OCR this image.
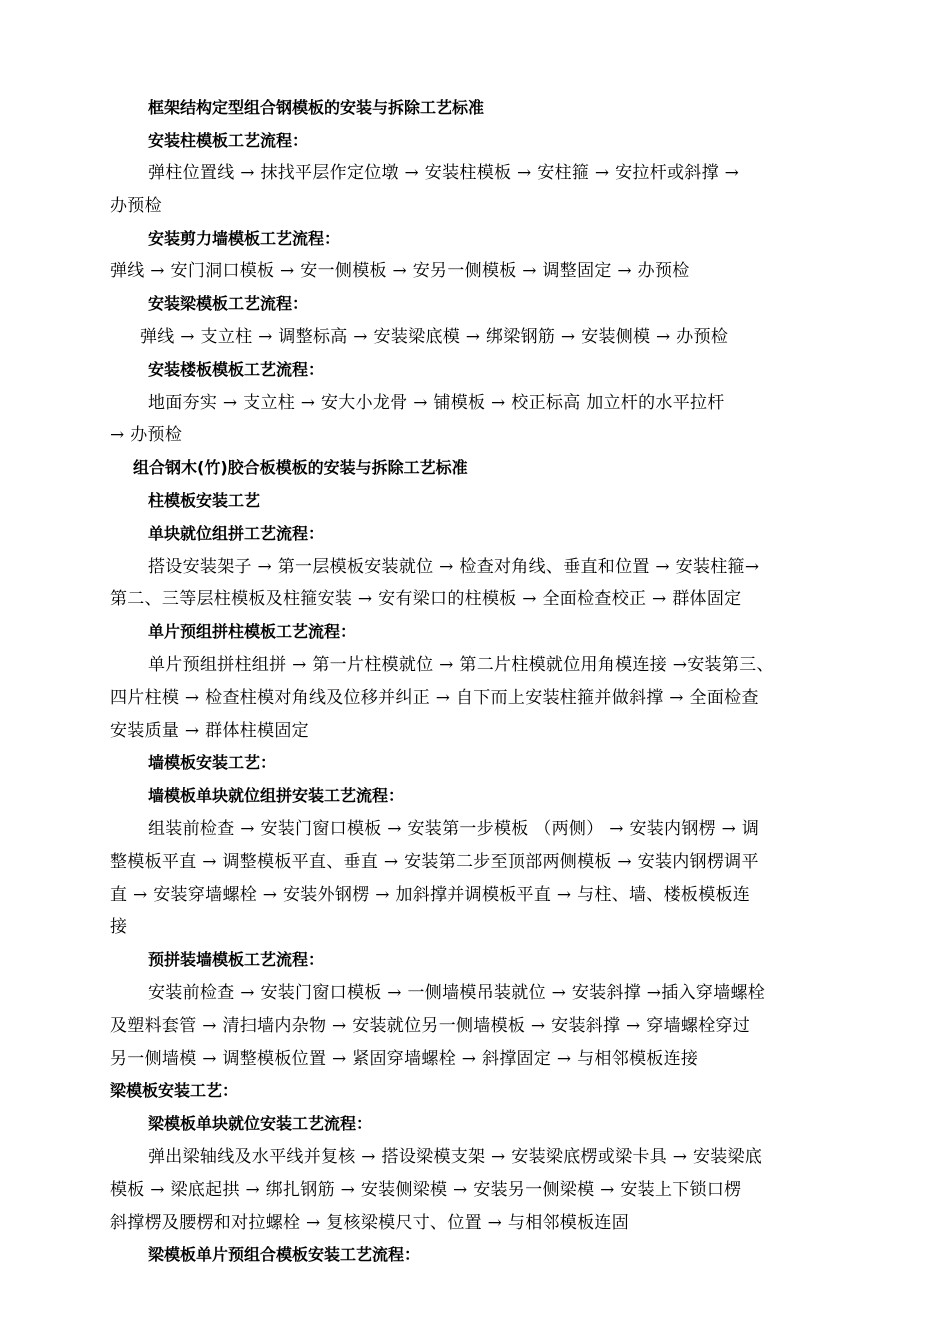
框架结构定型组合钢模板的安装与拆除工艺标准
安装柱模板工艺流程：
弹柱位置线 → 抹找平层作定位墩 → 安装柱模板 → 安柱箍 → 安拉杆或斜撑 →
办预检
安装剪力墙模板工艺流程：
弹线 → 安门洞口模板 → 安一侧模板 → 安另一侧模板 → 调整固定 → 办预检
安装梁模板工艺流程：
弹线 → 支立柱 → 调整标高 → 安装梁底模 → 绑梁钢筋 → 安装侧模 → 办预检
安装楼板模板工艺流程：
地面夯实 → 支立柱 → 安大小龙骨 → 铺模板 → 校正标高 加立杆的水平拉杆
→ 办预检
组合钢木(竹)胶合板模板的安装与拆除工艺标准
柱模板安装工艺
单块就位组拼工艺流程：
搭设安装架子 → 第一层模板安装就位 → 检查对角线、垂直和位置 → 安装柱箍→
第二、三等层柱模板及柱箍安装 → 安有梁口的柱模板 → 全面检查校正 → 群体固定
单片预组拼柱模板工艺流程：
单片预组拼柱组拼 → 第一片柱模就位 → 第二片柱模就位用角模连接 →安装第三、
四片柱模 → 检查柱模对角线及位移并纠正 → 自下而上安装柱箍并做斜撑 → 全面检查
安装质量 → 群体柱模固定
墙模板安装工艺：
墙模板单块就位组拼安装工艺流程：
组装前检查 → 安装门窗口模板 → 安装第一步模板 （两侧） → 安装内钢楞 → 调
整模板平直 → 调整模板平直、垂直 → 安装第二步至顶部两侧模板 → 安装内钢楞调平
直 → 安装穿墙螺栓 → 安装外钢楞 → 加斜撑并调模板平直 → 与柱、墙、楼板模板连
接
预拼装墙模板工艺流程：
安装前检查 → 安装门窗口模板 → 一侧墙模吊装就位 → 安装斜撑 →插入穿墙螺栓
及塑料套管 → 清扫墙内杂物 → 安装就位另一侧墙模板 → 安装斜撑 → 穿墙螺栓穿过
另一侧墙模 → 调整模板位置 → 紧固穿墙螺栓 → 斜撑固定 → 与相邻模板连接
梁模板安装工艺：
梁模板单块就位安装工艺流程：
弹出梁轴线及水平线并复核 → 搭设梁模支架 → 安装梁底楞或梁卡具 → 安装梁底
模板 → 梁底起拱 → 绑扎钢筋 → 安装侧梁模 → 安装另一侧梁模 → 安装上下锁口楞
斜撑楞及腰楞和对拉螺栓 → 复核梁模尺寸、位置 → 与相邻模板连固
梁模板单片预组合模板安装工艺流程：
